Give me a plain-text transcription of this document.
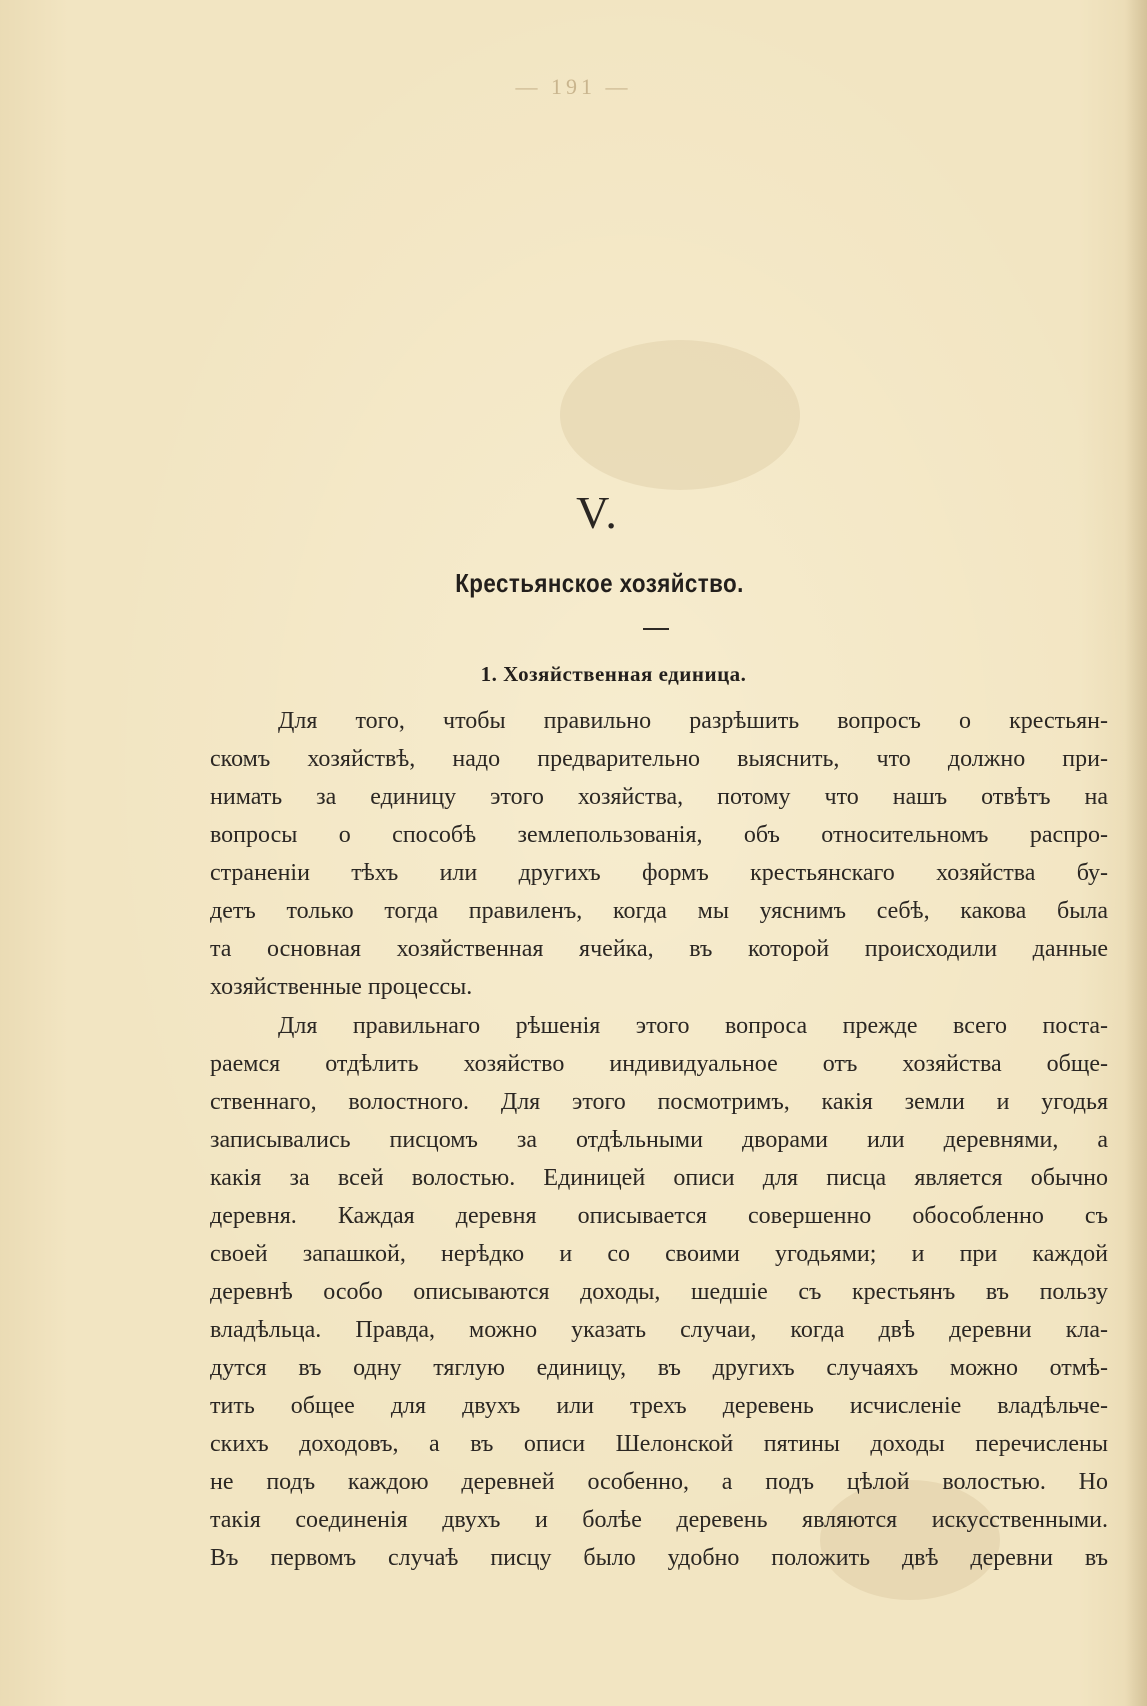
— 191 —
V.
Крестьянское хозяйство.
1. Хозяйственная единица.
Для того, чтобы правильно разрѣшить вопросъ о крестьян-
скомъ хозяйствѣ, надо предварительно выяснить, что должно при-
нимать за единицу этого хозяйства, потому что нашъ отвѣтъ на
вопросы о способѣ землепользованія, объ относительномъ распро-
страненіи тѣхъ или другихъ формъ крестьянскаго хозяйства бу-
детъ только тогда правиленъ, когда мы уяснимъ себѣ, какова была
та основная хозяйственная ячейка, въ которой происходили данные
хозяйственные процессы.
Для правильнаго рѣшенія этого вопроса прежде всего поста-
раемся отдѣлить хозяйство индивидуальное отъ хозяйства обще-
ственнаго, волостного. Для этого посмотримъ, какія земли и угодья
записывались писцомъ за отдѣльными дворами или деревнями, а
какія за всей волостью. Единицей описи для писца является обычно
деревня. Каждая деревня описывается совершенно обособленно съ
своей запашкой, нерѣдко и со своими угодьями; и при каждой
деревнѣ особо описываются доходы, шедшіе съ крестьянъ въ пользу
владѣльца. Правда, можно указать случаи, когда двѣ деревни кла-
дутся въ одну тяглую единицу, въ другихъ случаяхъ можно отмѣ-
тить общее для двухъ или трехъ деревень исчисленіе владѣльче-
скихъ доходовъ, а въ описи Шелонской пятины доходы перечислены
не подъ каждою деревней особенно, а подъ цѣлой волостью. Но
такія соединенія двухъ и болѣе деревень являются искусственными.
Въ первомъ случаѣ писцу было удобно положить двѣ деревни въ
